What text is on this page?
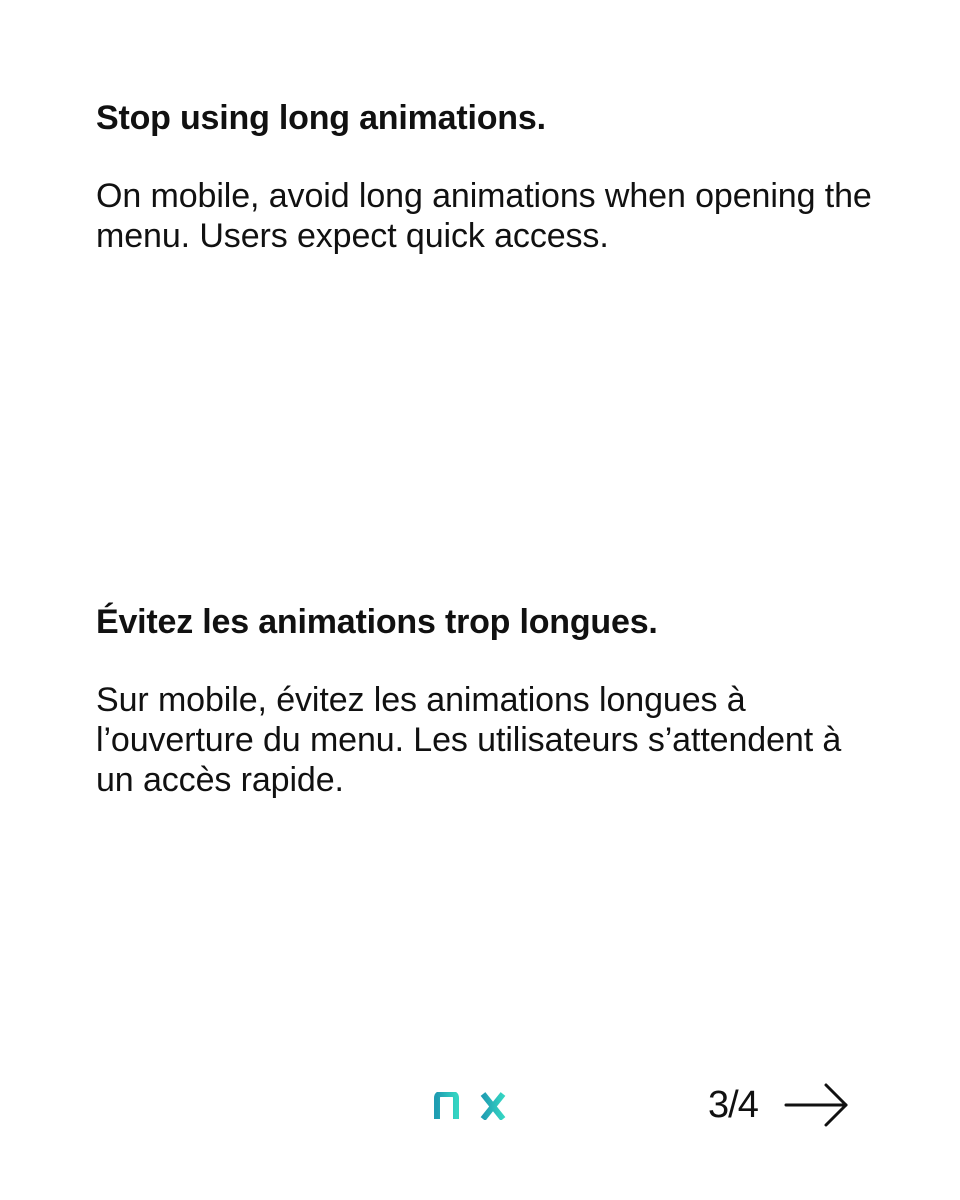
Stop using long animations.

On mobile, avoid long animations when opening the menu. Users expect quick access.

Évitez les animations trop longues.

Sur mobile, évitez les animations longues à l’ouverture du menu. Les utilisateurs s’attendent à un accès rapide.

3/4
